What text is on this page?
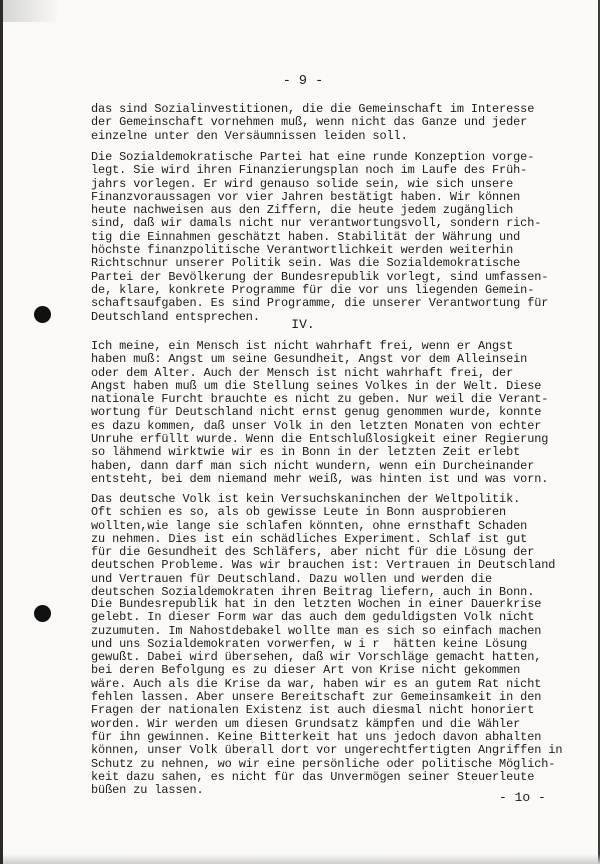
- 9 -
das sind Sozialinvestitionen, die die Gemeinschaft im Interesse
der Gemeinschaft vornehmen muß, wenn nicht das Ganze und jeder
einzelne unter den Versäumnissen leiden soll.
Die Sozialdemokratische Partei hat eine runde Konzeption vorge-
legt. Sie wird ihren Finanzierungsplan noch im Laufe des Früh-
jahrs vorlegen. Er wird genauso solide sein, wie sich unsere
Finanzvoraussagen vor vier Jahren bestätigt haben. Wir können
heute nachweisen aus den Ziffern, die heute jedem zugänglich
sind, daß wir damals nicht nur verantwortungsvoll, sondern rich-
tig die Einnahmen geschätzt haben. Stabilität der Währung und
höchste finanzpolitische Verantwortlichkeit werden weiterhin
Richtschnur unserer Politik sein. Was die Sozialdemokratische
Partei der Bevölkerung der Bundesrepublik vorlegt, sind umfassen-
de, klare, konkrete Programme für die vor uns liegenden Gemein-
schaftsaufgaben. Es sind Programme, die unserer Verantwortung für
Deutschland entsprechen.
IV.
Ich meine, ein Mensch ist nicht wahrhaft frei, wenn er Angst
haben muß: Angst um seine Gesundheit, Angst vor dem Alleinsein
oder dem Alter. Auch der Mensch ist nicht wahrhaft frei, der
Angst haben muß um die Stellung seines Volkes in der Welt. Diese
nationale Furcht brauchte es nicht zu geben. Nur weil die Verant-
wortung für Deutschland nicht ernst genug genommen wurde, konnte
es dazu kommen, daß unser Volk in den letzten Monaten von echter
Unruhe erfüllt wurde. Wenn die Entschlußlosigkeit einer Regierung
so lähmend wirktwie wir es in Bonn in der letzten Zeit erlebt
haben, dann darf man sich nicht wundern, wenn ein Durcheinander
entsteht, bei dem niemand mehr weiß, was hinten ist und was vorn.
Das deutsche Volk ist kein Versuchskaninchen der Weltpolitik.
Oft schien es so, als ob gewisse Leute in Bonn ausprobieren
wollten,wie lange sie schlafen könnten, ohne ernsthaft Schaden
zu nehmen. Dies ist ein schädliches Experiment. Schlaf ist gut
für die Gesundheit des Schläfers, aber nicht für die Lösung der
deutschen Probleme. Was wir brauchen ist: Vertrauen in Deutschland
und Vertrauen für Deutschland. Dazu wollen und werden die
deutschen Sozialdemokraten ihren Beitrag liefern, auch in Bonn.
Die Bundesrepublik hat in den letzten Wochen in einer Dauerkrise
gelebt. In dieser Form war das auch dem geduldigsten Volk nicht
zuzumuten. Im Nahostdebakel wollte man es sich so einfach machen
und uns Sozialdemokraten vorwerfen, w i r  hätten keine Lösung
gewußt. Dabei wird übersehen, daß wir Vorschläge gemacht hatten,
bei deren Befolgung es zu dieser Art von Krise nicht gekommen
wäre. Auch als die Krise da war, haben wir es an gutem Rat nicht
fehlen lassen. Aber unsere Bereitschaft zur Gemeinsamkeit in den
Fragen der nationalen Existenz ist auch diesmal nicht honoriert
worden. Wir werden um diesen Grundsatz kämpfen und die Wähler
für ihn gewinnen. Keine Bitterkeit hat uns jedoch davon abhalten
können, unser Volk überall dort vor ungerechtfertigten Angriffen in
Schutz zu nehnen, wo wir eine persönliche oder politische Möglich-
keit dazu sahen, es nicht für das Unvermögen seiner Steuerleute
büßen zu lassen.	- 1o -
